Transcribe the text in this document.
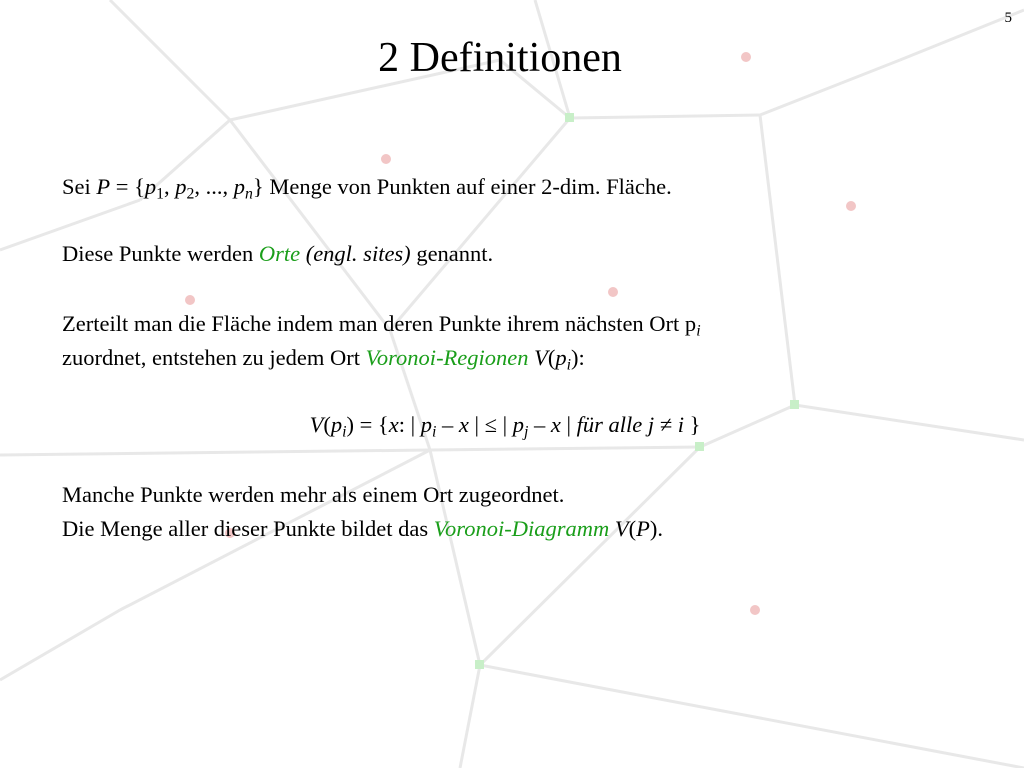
5
2 Definitionen
Sei $P = \{p_1$, $p_2$, ..., $p_n$} Menge von Punkten auf einer 2-dim. Fläche.
Diese Punkte werden Orte (engl. sites) genannt.
Zerteilt man die Fläche indem man deren Punkte ihrem nächsten Ort $p_i$
zuordnet, entstehen zu jedem Ort Voronoi-Regionen $V(p_i)$:
$V(p_i) = \{x$: | $p_i$ – x | ≤ | $p_j$ – x | für alle j ≠ i }
Manche Punkte werden mehr als einem Ort zugeordnet.
Die Menge aller dieser Punkte bildet das Voronoi-Diagramm V(P).
